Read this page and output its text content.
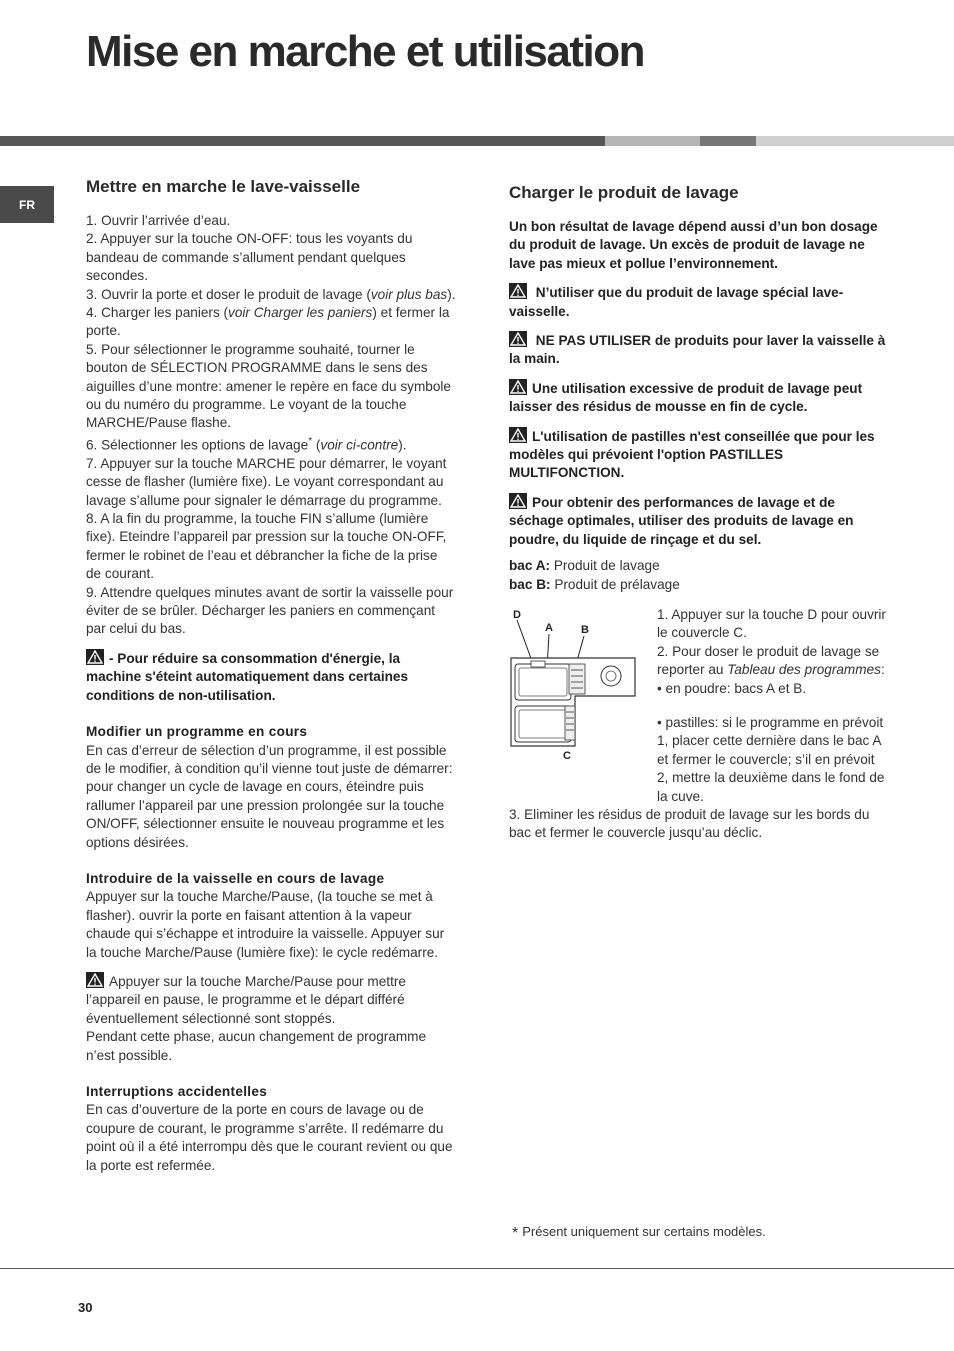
Mise en marche et utilisation
FR
Mettre en marche le lave-vaisselle

1. Ouvrir l’arrivée d’eau.

2. Appuyer sur la touche ON-OFF: tous les voyants du bandeau de commande s’allument pendant quelques secondes.

3. Ouvrir la porte et doser le produit de lavage (voir plus bas).

4. Charger les paniers (voir Charger les paniers) et fermer la porte.

5. Pour sélectionner le programme souhaité, tourner le bouton de SÉLECTION PROGRAMME dans le sens des aiguilles d’une montre: amener le repère en face du symbole ou du numéro du programme. Le voyant de la touche MARCHE/Pause flashe.

6. Sélectionner les options de lavage* (voir ci-contre).

7. Appuyer sur la touche MARCHE pour démarrer, le voyant cesse de flasher (lumière fixe). Le voyant correspondant au lavage s’allume pour signaler le démarrage du programme.

8. A la fin du programme, la touche FIN s’allume (lumière fixe). Eteindre l’appareil par pression sur la touche ON-OFF, fermer le robinet de l’eau et débrancher la fiche de la prise de courant.

9. Attendre quelques minutes avant de sortir la vaisselle pour éviter de se brûler. Décharger les paniers en commençant par celui du bas.

- Pour réduire sa consommation d'énergie, la machine s'éteint automatiquement dans certaines conditions de non-utilisation.

Modifier un programme en cours

En cas d’erreur de sélection d’un programme, il est possible de le modifier, à condition qu’il vienne tout juste de démarrer: pour changer un cycle de lavage en cours, éteindre puis rallumer l’appareil par une pression prolongée sur la touche ON/OFF, sélectionner ensuite le nouveau programme et les options désirées.

Introduire de la vaisselle en cours de lavage

Appuyer sur la touche Marche/Pause, (la touche se met à flasher). ouvrir la porte en faisant attention à la vapeur chaude qui s’échappe et introduire la vaisselle. Appuyer sur la touche Marche/Pause (lumière fixe): le cycle redémarre.

Appuyer sur la touche Marche/Pause pour mettre l’appareil en pause, le programme et le départ différé éventuellement sélectionné sont stoppés.

Pendant cette phase, aucun changement de programme n’est possible.

Interruptions accidentelles

En cas d’ouverture de la porte en cours de lavage ou de coupure de courant, le programme s’arrête. Il redémarre du point où il a été interrompu dès que le courant revient ou que la porte est refermée.

Charger le produit de lavage

Un bon résultat de lavage dépend aussi d’un bon dosage du produit de lavage. Un excès de produit de lavage ne lave pas mieux et pollue l’environnement.

N’utiliser que du produit de lavage spécial lave-vaisselle.

NE PAS UTILISER de produits pour laver la vaisselle à la main.

Une utilisation excessive de produit de lavage peut laisser des résidus de mousse en fin de cycle.

L'utilisation de pastilles n'est conseillée que pour les modèles qui prévoient l'option PASTILLES MULTIFONCTION.

Pour obtenir des performances de lavage et de séchage optimales, utiliser des produits de lavage en poudre, du liquide de rinçage et du sel.

bac A: Produit de lavage

bac B: Produit de prélavage

D
A	B
C

1. Appuyer sur la touche D pour ouvrir le couvercle C.

2. Pour doser le produit de lavage se reporter au Tableau des programmes:

• en poudre: bacs A et B.

• pastilles: si le programme en prévoit 1, placer cette dernière dans le bac A et fermer le couvercle; s’il en prévoit 2, mettre la deuxième dans le fond de la cuve.

3. Eliminer les résidus de produit de lavage sur les bords du bac et fermer le couvercle jusqu’au déclic.

* Présent uniquement sur certains modèles.
30
